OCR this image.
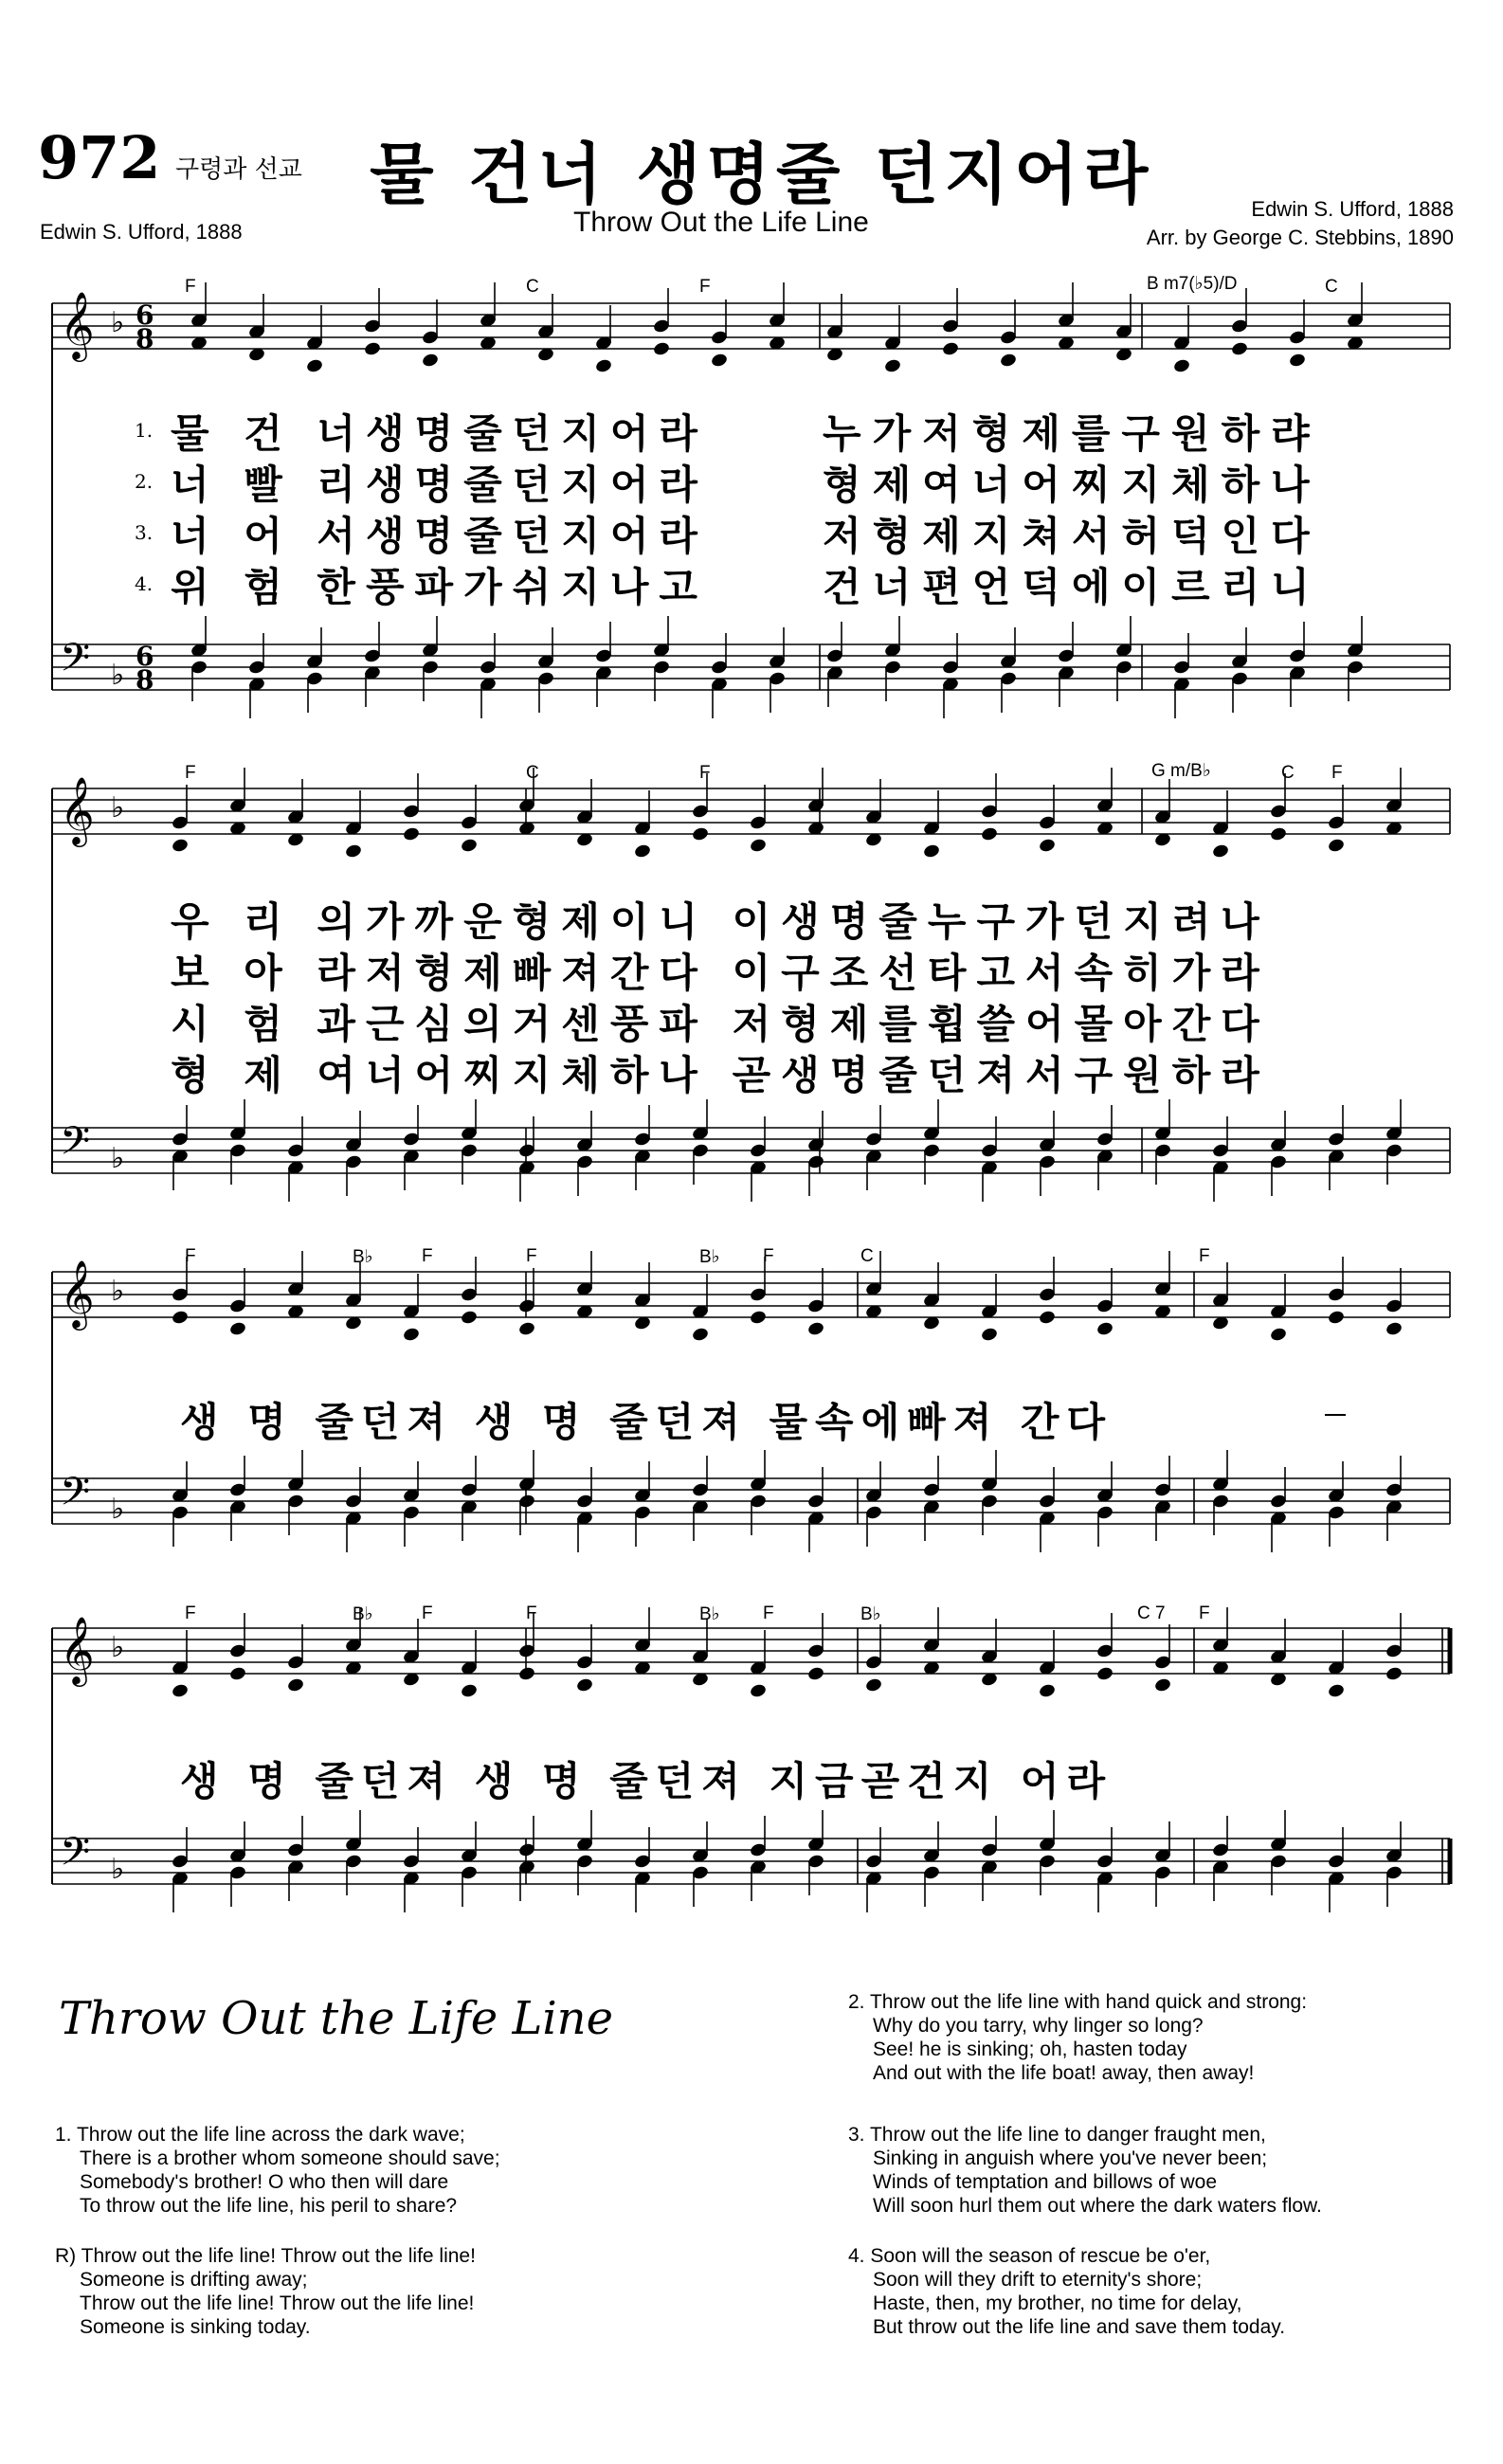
972 구령과 선교 물 건너 생명줄 던지어라
Throw Out the Life Line
Edwin S. Ufford, 1888
Edwin S. Ufford, 1888
Arr. by George C. Stebbins, 1890
𝄞 ♭ 6
8
𝄢 ♭
6
8
𝄞 ♭
𝄢 ♭
𝄞 ♭
𝄢 ♭
𝄞 ♭
𝄢 ♭
F	C	F	B m7(♭5)/D	C
1.
2.
3.
4.
물 건 너생명줄던지어라
너 빨 리생명줄던지어라
너 어 서생명줄던지어라
위 험 한풍파가쉬지나고
누가저형제를구원하랴
형제여너어찌지체하나
저형제지쳐서허덕인다
건너편언덕에이르리니
F	C	F	G m/B♭	C F
우 리 의가까운형제이니 이생명줄누구가던지려나
보 아 라저형제빠져간다 이구조선타고서속히가라
시 험 과근심의거센풍파 저형제를휩쓸어몰아간다
형 제 여너어찌지체하나 곧생명줄던져서구원하라
F	B♭	F	F	B♭ F	C	F
생 명 줄던져 생 명 줄던져 물속에빠져 간다
F	B♭	F	F	B♭ F	B♭	C 7 F
생 명 줄던져 생 명 줄던져 지금곧건지 어라
Throw Out the Life Line
1. Throw out the life line across the dark wave;
There is a brother whom someone should save;
Somebody's brother! O who then will dare
To throw out the life line, his peril to share?
R) Throw out the life line! Throw out the life line!
Someone is drifting away;
Throw out the life line! Throw out the life line!
Someone is sinking today.
2. Throw out the life line with hand quick and strong:
Why do you tarry, why linger so long?
See! he is sinking; oh, hasten today
And out with the life boat! away, then away!
3. Throw out the life line to danger fraught men,
Sinking in anguish where you've never been;
Winds of temptation and billows of woe
Will soon hurl them out where the dark waters flow.
4. Soon will the season of rescue be o'er,
Soon will they drift to eternity's shore;
Haste, then, my brother, no time for delay,
But throw out the life line and save them today.
